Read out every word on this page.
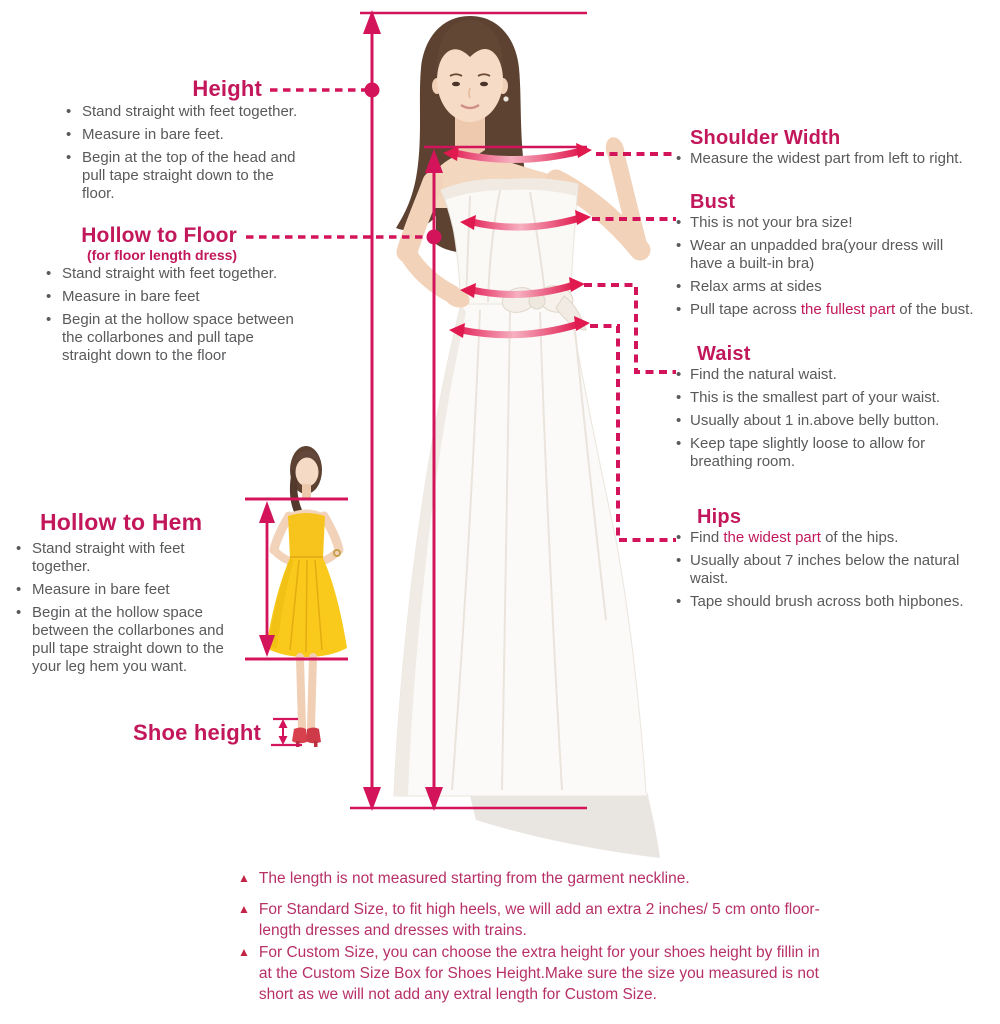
Height
• Stand straight with feet together.
• Measure in bare feet.
• Begin at the top of the head and pull tape straight down to the floor.
Hollow to Floor
(for floor length dress)
• Stand straight with feet together.
• Measure in bare feet
• Begin at the hollow space between the collarbones and pull tape straight down to the floor
Hollow to Hem
• Stand straight with feet together.
• Measure in bare feet
• Begin at the hollow space between the collarbones and pull tape straight down to the your leg hem you want.
Shoe height
Shoulder Width
• Measure the widest part from left to right.
Bust
• This is not your bra size!
• Wear an unpadded bra(your dress will have a built-in bra)
• Relax arms at sides
• Pull tape across the fullest part of the bust.
Waist
• Find the natural waist.
• This is the smallest part of your waist.
• Usually about 1 in.above belly button.
• Keep tape slightly loose to allow for breathing room.
Hips
• Find the widest part of the hips.
• Usually about 7 inches below the natural waist.
• Tape should brush across both hipbones.
▲ The length is not measured starting from the garment neckline.
▲ For Standard Size, to fit high heels, we will add an extra 2 inches/ 5 cm onto floor-length dresses and dresses with trains.
▲ For Custom Size, you can choose the extra height for your shoes height by fillin in at the Custom Size Box for Shoes Height.Make sure the size you measured is not short as we will not add any extral length for Custom Size.
